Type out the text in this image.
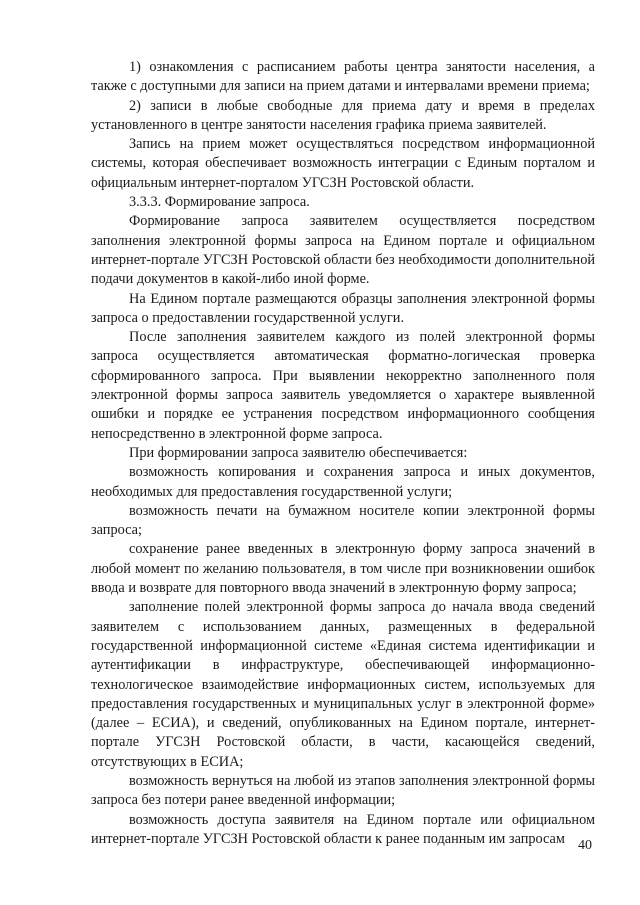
1) ознакомления с расписанием работы центра занятости населения, а также с доступными для записи на прием датами и интервалами времени приема;

2) записи в любые свободные для приема дату и время в пределах установленного в центре занятости населения графика приема заявителей.

Запись на прием может осуществляться посредством информационной системы, которая обеспечивает возможность интеграции с Единым порталом и официальным интернет-порталом УГСЗН Ростовской области.

3.3.3. Формирование запроса.

Формирование запроса заявителем осуществляется посредством заполнения электронной формы запроса на Едином портале и официальном интернет-портале УГСЗН Ростовской области без необходимости дополнительной подачи документов в какой-либо иной форме.

На Едином портале размещаются образцы заполнения электронной формы запроса о предоставлении государственной услуги.

После заполнения заявителем каждого из полей электронной формы запроса осуществляется автоматическая форматно-логическая проверка сформированного запроса. При выявлении некорректно заполненного поля электронной формы запроса заявитель уведомляется о характере выявленной ошибки и порядке ее устранения посредством информационного сообщения непосредственно в электронной форме запроса.

При формировании запроса заявителю обеспечивается:

возможность копирования и сохранения запроса и иных документов, необходимых для предоставления государственной услуги;

возможность печати на бумажном носителе копии электронной формы запроса;

сохранение ранее введенных в электронную форму запроса значений в любой момент по желанию пользователя, в том числе при возникновении ошибок ввода и возврате для повторного ввода значений в электронную форму запроса;

заполнение полей электронной формы запроса до начала ввода сведений заявителем с использованием данных, размещенных в федеральной государственной информационной системе «Единая система идентификации и аутентификации в инфраструктуре, обеспечивающей информационно-технологическое взаимодействие информационных систем, используемых для предоставления государственных и муниципальных услуг в электронной форме» (далее – ЕСИА), и сведений, опубликованных на Едином портале, интернет-портале УГСЗН Ростовской области, в части, касающейся сведений, отсутствующих в ЕСИА;

возможность вернуться на любой из этапов заполнения электронной формы запроса без потери ранее введенной информации;

возможность доступа заявителя на Едином портале или официальном интернет-портале УГСЗН Ростовской области к ранее поданным им запросам 40
